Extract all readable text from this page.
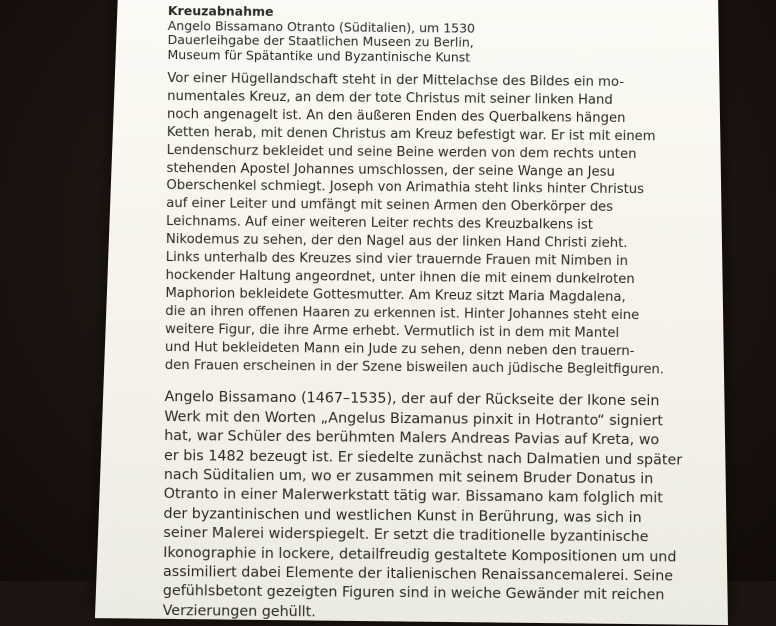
Kreuzabnahme
Angelo Bissamano Otranto (Süditalien), um 1530
Dauerleihgabe der Staatlichen Museen zu Berlin,
Museum für Spätantike und Byzantinische Kunst
Vor einer Hügellandschaft steht in der Mittelachse des Bildes ein mo-
numentales Kreuz, an dem der tote Christus mit seiner linken Hand
noch angenagelt ist. An den äußeren Enden des Querbalkens hängen
Ketten herab, mit denen Christus am Kreuz befestigt war. Er ist mit einem
Lendenschurz bekleidet und seine Beine werden von dem rechts unten
stehenden Apostel Johannes umschlossen, der seine Wange an Jesu
Oberschenkel schmiegt. Joseph von Arimathia steht links hinter Christus
auf einer Leiter und umfängt mit seinen Armen den Oberkörper des
Leichnams. Auf einer weiteren Leiter rechts des Kreuzbalkens ist
Nikodemus zu sehen, der den Nagel aus der linken Hand Christi zieht.
Links unterhalb des Kreuzes sind vier trauernde Frauen mit Nimben in
hockender Haltung angeordnet, unter ihnen die mit einem dunkelroten
Maphorion bekleidete Gottesmutter. Am Kreuz sitzt Maria Magdalena,
die an ihren offenen Haaren zu erkennen ist. Hinter Johannes steht eine
weitere Figur, die ihre Arme erhebt. Vermutlich ist in dem mit Mantel
und Hut bekleideten Mann ein Jude zu sehen, denn neben den trauern-
den Frauen erscheinen in der Szene bisweilen auch jüdische Begleitfiguren.
Angelo Bissamano (1467–1535), der auf der Rückseite der Ikone sein
Werk mit den Worten „Angelus Bizamanus pinxit in Hotranto“ signiert
hat, war Schüler des berühmten Malers Andreas Pavias auf Kreta, wo
er bis 1482 bezeugt ist. Er siedelte zunächst nach Dalmatien und später
nach Süditalien um, wo er zusammen mit seinem Bruder Donatus in
Otranto in einer Malerwerkstatt tätig war. Bissamano kam folglich mit
der byzantinischen und westlichen Kunst in Berührung, was sich in
seiner Malerei widerspiegelt. Er setzt die traditionelle byzantinische
Ikonographie in lockere, detailfreudig gestaltete Kompositionen um und
assimiliert dabei Elemente der italienischen Renaissancemalerei. Seine
gefühlsbetont gezeigten Figuren sind in weiche Gewänder mit reichen
Verzierungen gehüllt.
